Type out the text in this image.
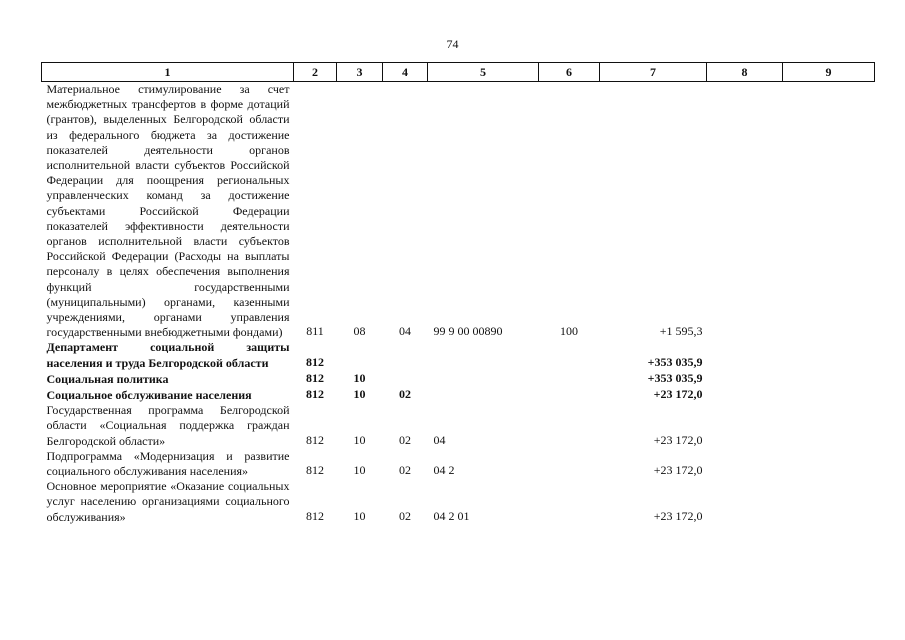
74
1	2	3	4	5	6	7	8	9
Материальное стимулирование за счет межбюджетных трансфертов в форме дотаций (грантов), выделенных Белгородской области из федерального бюджета за достижение показателей деятельности органов исполнительной власти субъектов Российской Федерации для поощрения региональных управленческих команд за достижение субъектами Российской Федерации показателей эффективности деятельности органов исполнительной власти субъектов Российской Федерации (Расходы на выплаты персоналу в целях обеспечения выполнения функций государственными (муниципальными) органами, казенными учреждениями, органами управления государственными внебюджетными фондами)	811	08	04	99 9 00 00890	100	+1 595,3		
Департамент социальной защиты населения и труда Белгородской области	812					+353 035,9		
Социальная политика	812	10				+353 035,9		
Социальное обслуживание населения	812	10	02			+23 172,0		
Государственная программа Белгородской области «Социальная поддержка граждан Белгородской области»	812	10	02	04		+23 172,0		
Подпрограмма «Модернизация и развитие социального обслуживания населения»	812	10	02	04 2		+23 172,0		
Основное мероприятие «Оказание социальных услуг населению организациями социального обслуживания»	812	10	02	04 2 01		+23 172,0		
